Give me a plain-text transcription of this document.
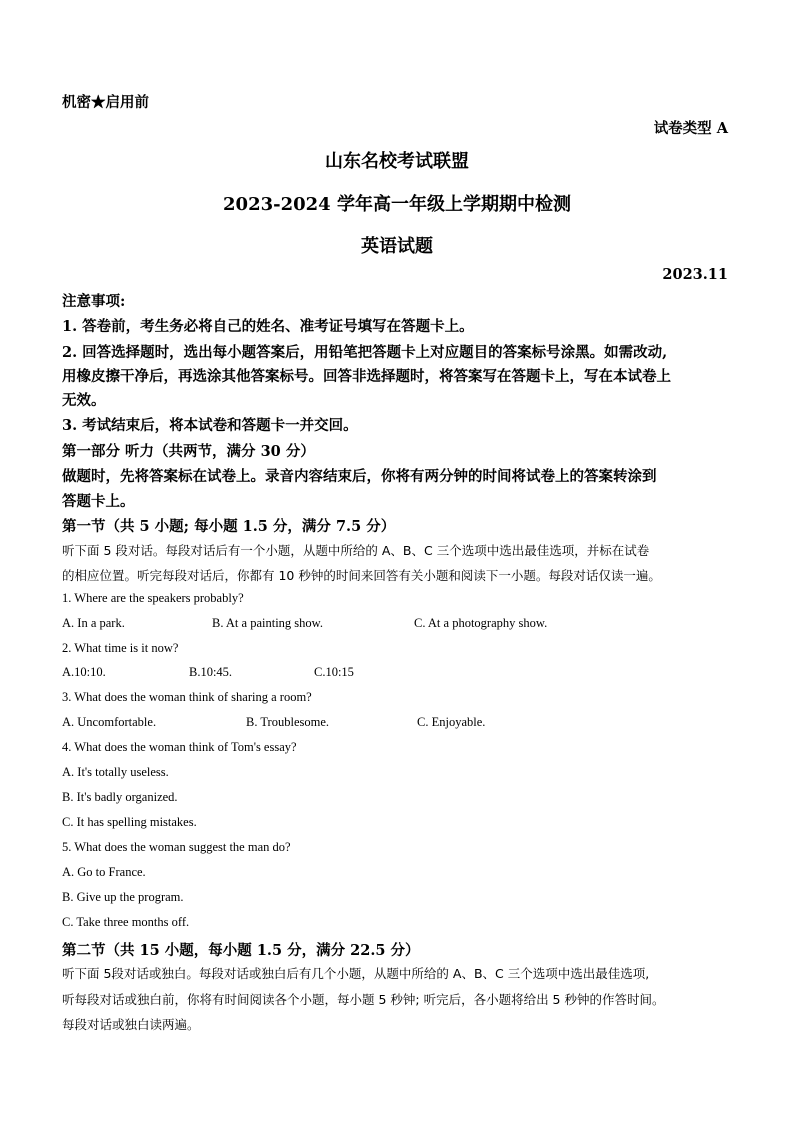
机密★启用前
试卷类型 A
山东名校考试联盟
2023-2024 学年高一年级上学期期中检测
英语试题
2023.11
注意事项:
1. 答卷前，考生务必将自己的姓名、准考证号填写在答题卡上。
2. 回答选择题时，选出每小题答案后，用铅笔把答题卡上对应题目的答案标号涂黑。如需改动,
用橡皮擦干净后，再选涂其他答案标号。回答非选择题时，将答案写在答题卡上，写在本试卷上
无效。
3. 考试结束后，将本试卷和答题卡一并交回。
第一部分 听力（共两节，满分 30 分）
做题时，先将答案标在试卷上。录音内容结束后，你将有两分钟的时间将试卷上的答案转涂到
答题卡上。
第一节（共 5 小题; 每小题 1.5 分，满分 7.5 分）
听下面 5 段对话。每段对话后有一个小题，从题中所给的 A、B、C 三个选项中选出最佳选项，并标在试卷
的相应位置。听完每段对话后，你都有 10 秒钟的时间来回答有关小题和阅读下一小题。每段对话仅读一遍。
1. Where are the speakers probably?
A. In a park.	B. At a painting show.	C. At a photography show.
2. What time is it now?
A.10:10.	B.10:45.	C.10:15
3. What does the woman think of sharing a room?
A. Uncomfortable.	B. Troublesome.	C. Enjoyable.
4. What does the woman think of Tom's essay?
A. It's totally useless.
B. It's badly organized.
C. It has spelling mistakes.
5. What does the woman suggest the man do?
A. Go to France.
B. Give up the program.
C. Take three months off.
第二节（共 15 小题，每小题 1.5 分，满分 22.5 分）
听下面 5段对话或独白。每段对话或独白后有几个小题，从题中所给的 A、B、C 三个选项中选出最佳选项,
听每段对话或独白前，你将有时间阅读各个小题，每小题 5 秒钟; 听完后，各小题将给出 5 秒钟的作答时间。
每段对话或独白读两遍。
